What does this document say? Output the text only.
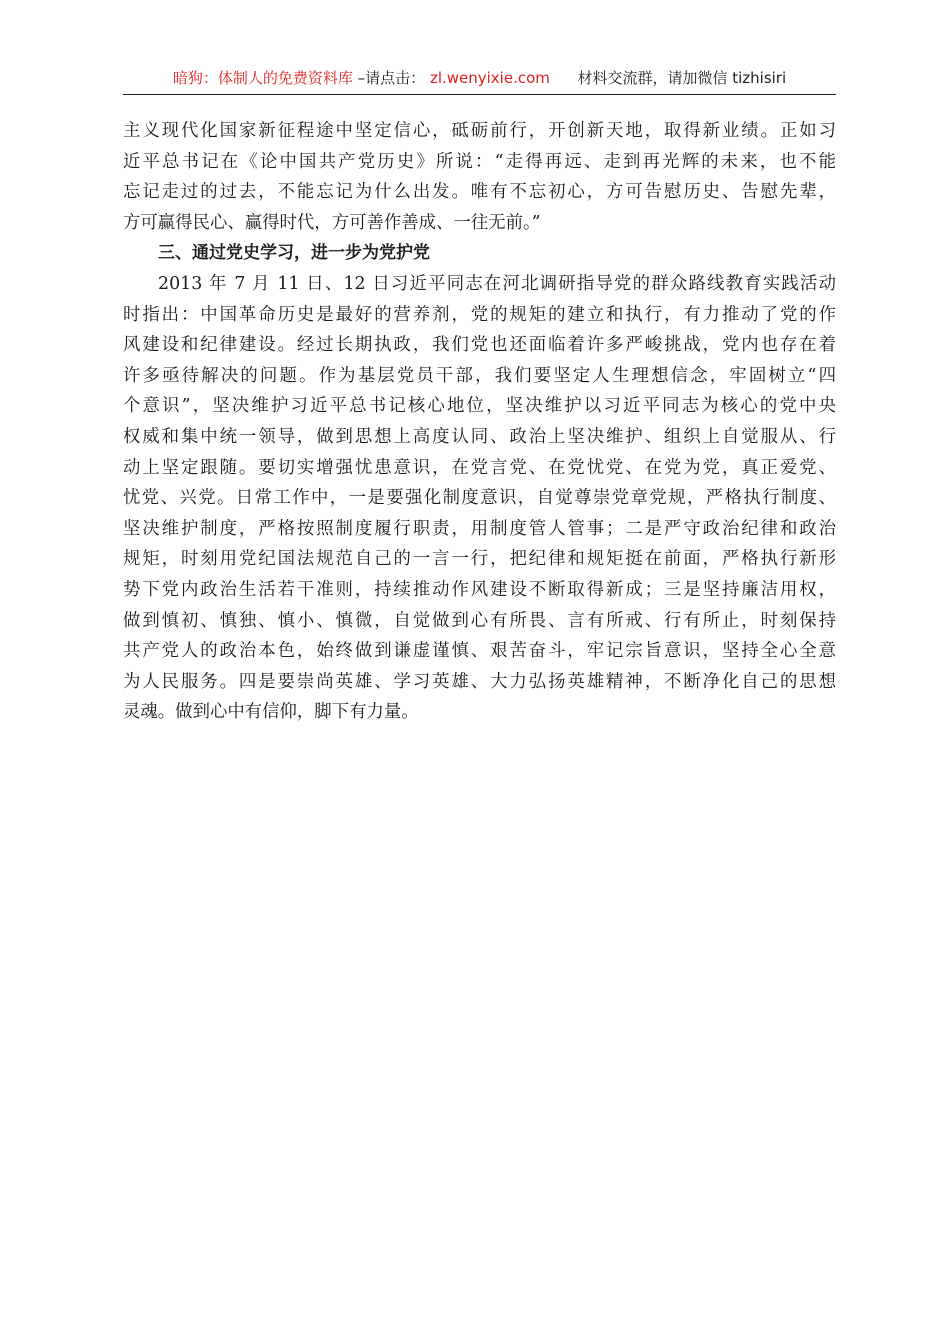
暗狗：体制人的免费资料库 –请点击： zl.wenyixie.com 材料交流群，请加微信 tizhisiri
主义现代化国家新征程途中坚定信心，砥砺前行，开创新天地，取得新业绩。正如习
近平总书记在《论中国共产党历史》所说：“走得再远、走到再光辉的未来，也不能
忘记走过的过去，不能忘记为什么出发。唯有不忘初心，方可告慰历史、告慰先辈，
方可赢得民心、赢得时代，方可善作善成、一往无前。”
三、通过党史学习，进一步为党护党
2013 年 7 月 11 日、12 日习近平同志在河北调研指导党的群众路线教育实践活动
时指出：中国革命历史是最好的营养剂，党的规矩的建立和执行，有力推动了党的作
风建设和纪律建设。经过长期执政，我们党也还面临着许多严峻挑战，党内也存在着
许多亟待解决的问题。作为基层党员干部，我们要坚定人生理想信念，牢固树立“四
个意识”，坚决维护习近平总书记核心地位，坚决维护以习近平同志为核心的党中央
权威和集中统一领导，做到思想上高度认同、政治上坚决维护、组织上自觉服从、行
动上坚定跟随。要切实增强忧患意识，在党言党、在党忧党、在党为党，真正爱党、
忧党、兴党。日常工作中，一是要强化制度意识，自觉尊崇党章党规，严格执行制度、
坚决维护制度，严格按照制度履行职责，用制度管人管事；二是严守政治纪律和政治
规矩，时刻用党纪国法规范自己的一言一行，把纪律和规矩挺在前面，严格执行新形
势下党内政治生活若干准则，持续推动作风建设不断取得新成；三是坚持廉洁用权，
做到慎初、慎独、慎小、慎微，自觉做到心有所畏、言有所戒、行有所止，时刻保持
共产党人的政治本色，始终做到谦虚谨慎、艰苦奋斗，牢记宗旨意识，坚持全心全意
为人民服务。四是要崇尚英雄、学习英雄、大力弘扬英雄精神，不断净化自己的思想
灵魂。做到心中有信仰，脚下有力量。
